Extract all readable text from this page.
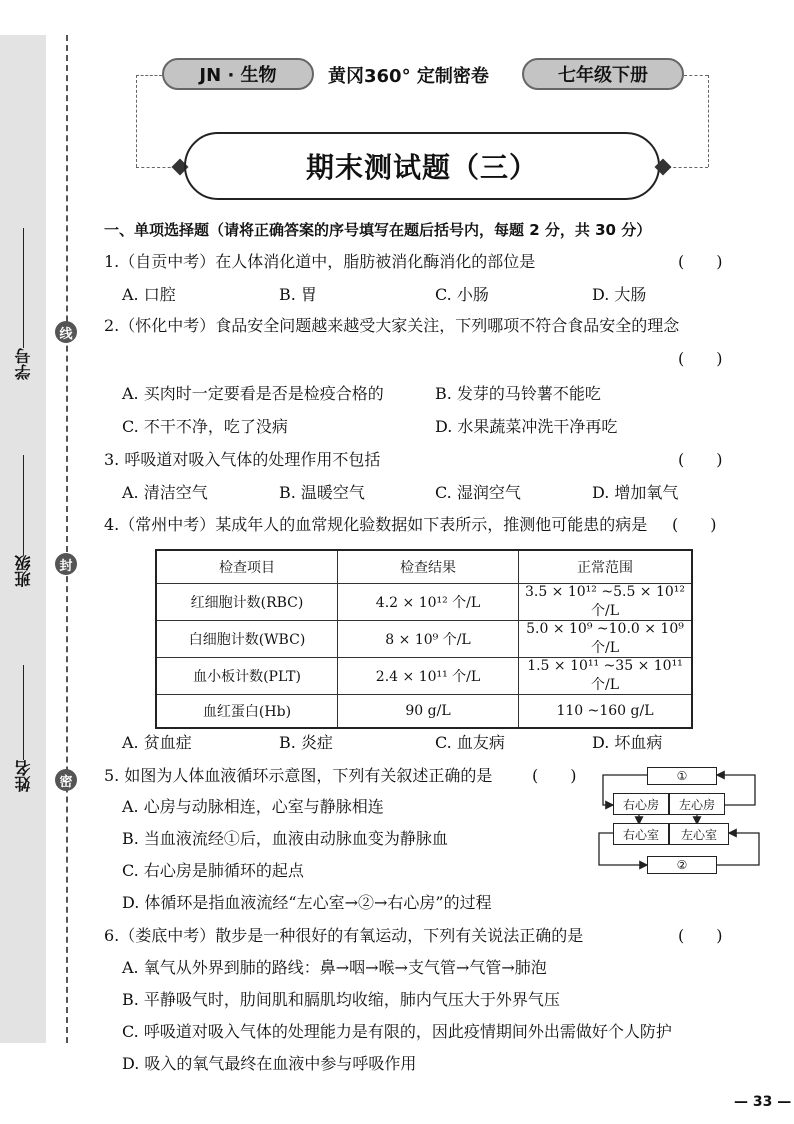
线
封
密
学号
班级
姓名
JN · 生物	黄冈360° 定制密卷	七年级下册
期末测试题（三）
一、单项选择题（请将正确答案的序号填写在题后括号内，每题 2 分，共 30 分）
1.（自贡中考）在人体消化道中，脂肪被消化酶消化的部位是	(　　)
A. 口腔	B. 胃	C. 小肠	D. 大肠
2.（怀化中考）食品安全问题越来越受大家关注，下列哪项不符合食品安全的理念
(　　)
A. 买肉时一定要看是否是检疫合格的	B. 发芽的马铃薯不能吃
C. 不干不净，吃了没病	D. 水果蔬菜冲洗干净再吃
3. 呼吸道对吸入气体的处理作用不包括	(　　)
A. 清洁空气	B. 温暖空气	C. 湿润空气	D. 增加氧气
4.（常州中考）某成年人的血常规化验数据如下表所示，推测他可能患的病是 (　　)
检查项目	检查结果	正常范围
红细胞计数(RBC)	4.2 × 10¹² 个/L	3.5 × 10¹² ~5.5 × 10¹² 个/L
白细胞计数(WBC)	8 × 10⁹ 个/L	5.0 × 10⁹ ~10.0 × 10⁹ 个/L
血小板计数(PLT)	2.4 × 10¹¹ 个/L	1.5 × 10¹¹ ~35 × 10¹¹ 个/L
血红蛋白(Hb)	90 g/L	110 ~160 g/L
A. 贫血症	B. 炎症	C. 血友病	D. 坏血病
5. 如图为人体血液循环示意图，下列有关叙述正确的是 (　　)
A. 心房与动脉相连，心室与静脉相连
B. 当血液流经①后，血液由动脉血变为静脉血
C. 右心房是肺循环的起点
D. 体循环是指血液流经“左心室→②→右心房”的过程
①
右心房	左心房
右心室	左心室
②
6.（娄底中考）散步是一种很好的有氧运动，下列有关说法正确的是	(　　)
A. 氧气从外界到肺的路线：鼻→咽→喉→支气管→气管→肺泡
B. 平静吸气时，肋间肌和膈肌均收缩，肺内气压大于外界气压
C. 呼吸道对吸入气体的处理能力是有限的，因此疫情期间外出需做好个人防护
D. 吸入的氧气最终在血液中参与呼吸作用
— 33 —
